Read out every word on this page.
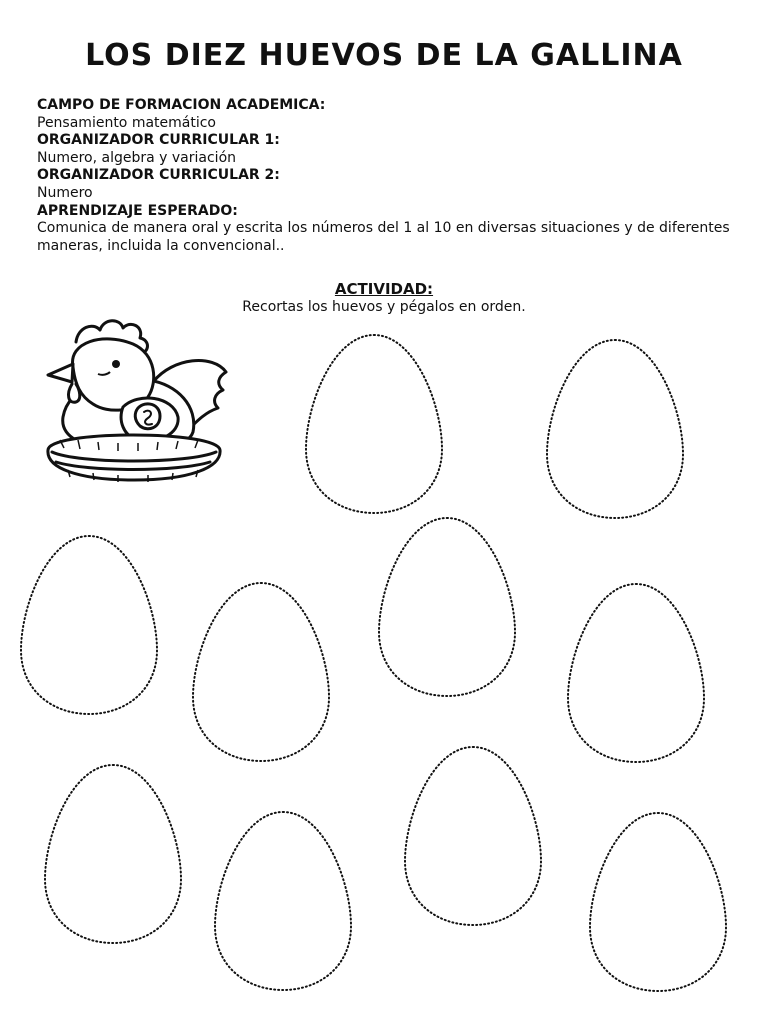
LOS DIEZ HUEVOS DE LA GALLINA
CAMPO DE FORMACION ACADEMICA:
Pensamiento matemático
ORGANIZADOR CURRICULAR 1:
Numero, algebra y variación
ORGANIZADOR CURRICULAR 2:
Numero
APRENDIZAJE ESPERADO:
Comunica de manera oral y escrita los números del 1 al 10 en diversas situaciones y de diferentes maneras, incluida la convencional..
ACTIVIDAD:
Recortas los huevos y pégalos en orden.
